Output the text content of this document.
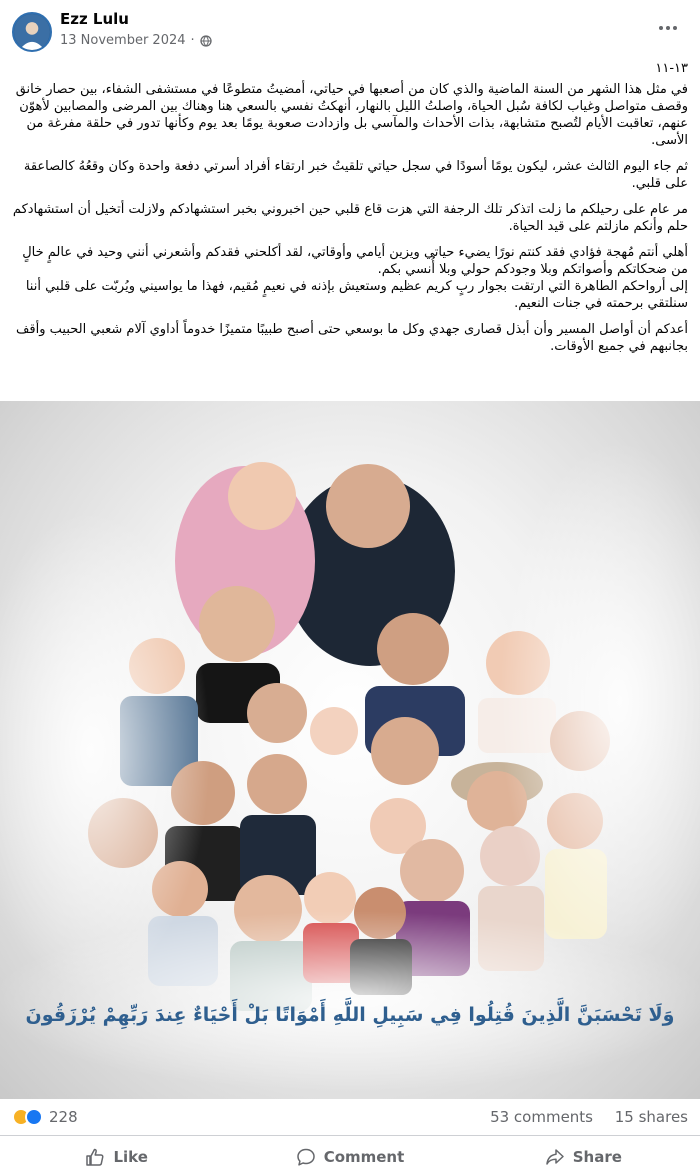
Ezz Lulu
13 November 2024 ·

١٣-١١

في مثل هذا الشهر من السنة الماضية والذي كان من أصعبها في حياتي، أمضيتُ متطوعًا في مستشفى الشفاء، بين حصار خانق وقصف متواصل وغياب لكافة سُبل الحياة، واصلتُ الليل بالنهار، أنهكتُ نفسي بالسعي هنا وهناك بين المرضى والمصابين لأهوّن عنهم، تعاقبت الأيام لتُصبح متشابهة، بذات الأحداث والمآسي بل وازدادت صعوبة يومًا بعد يوم وكأنها تدور في حلقة مفرغة من الأسى.

ثم جاء اليوم الثالث عشر، ليكون يومًا أسودًا في سجل حياتي تلقيتُ خبر ارتقاء أفراد أسرتي دفعة واحدة وكان وقعُهُ كالصاعقة على قلبي.

مر عام على رحيلكم ما زلت اتذكر تلك الرجفة التي هزت قاع قلبي حين اخبروني بخبر استشهادكم ولازلت أتخيل أن استشهادكم حلم وأنكم مازلتم على قيد الحياة.

أهلي أنتم مُهجة فؤادي فقد كنتم نورًا يضيء حياتي ويزين أيامي وأوقاتي، لقد أكلحني فقدكم وأشعرني أنني وحيد في عالمٍ خالٍ من ضحكاتكم وأصواتكم وبلا وجودكم حولي وبلا أُنسي بكم.
إلى أرواحكم الطاهرة التي ارتقت بجوار ربٍ كريم عظيم وستعيش بإذنه في نعيمٍ مُقيم، فهذا ما يواسيني ويُربّت على قلبي أننا سنلتقي برحمته في جنات النعيم.

أعدكم أن أواصل المسير وأن أبذل قصارى جهدي وكل ما بوسعي حتى أصبح طبيبًا متميزًا خدوماً أداوي آلام شعبي الحبيب وأقف بجانبهم في جميع الأوقات.

وَلَا تَحْسَبَنَّ الَّذِينَ قُتِلُوا فِي سَبِيلِ اللَّهِ أَمْوَاتًا بَلْ أَحْيَاءٌ عِندَ رَبِّهِمْ يُرْزَقُونَ
228	53 comments 15 shares
Like	Comment	Share
